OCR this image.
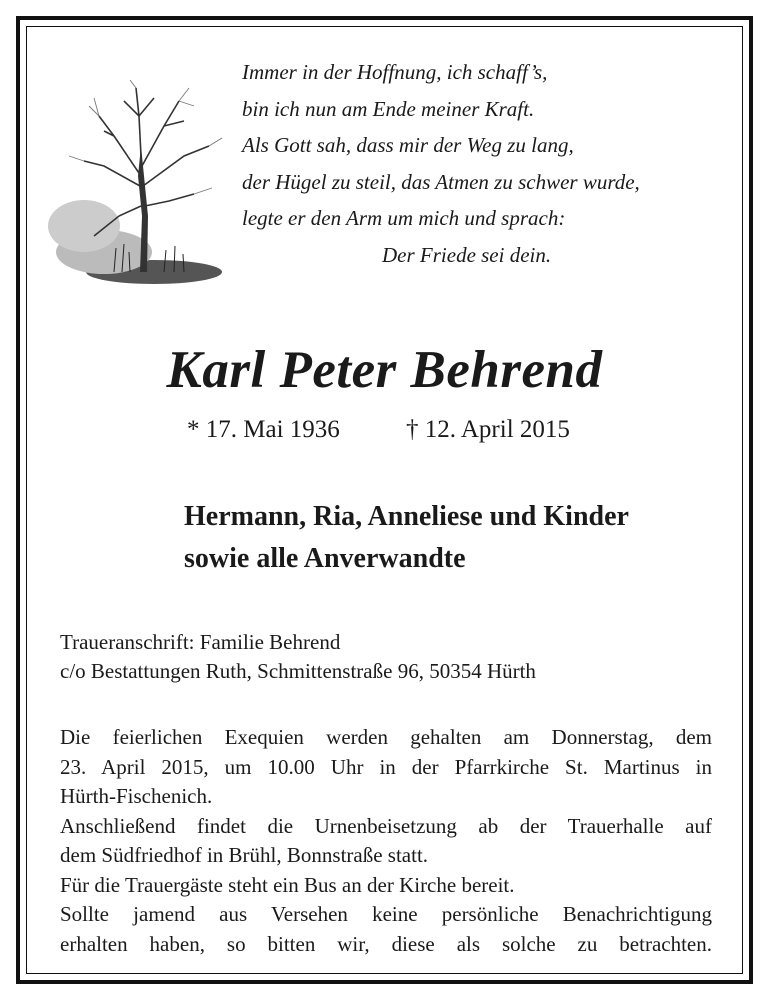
Immer in der Hoffnung, ich schaff’s,
bin ich nun am Ende meiner Kraft.
Als Gott sah, dass mir der Weg zu lang,
der Hügel zu steil, das Atmen zu schwer wurde,
legte er den Arm um mich und sprach:
Der Friede sei dein.
Karl Peter Behrend
* 17. Mai 1936	† 12. April 2015
Hermann, Ria, Anneliese und Kinder
sowie alle Anverwandte
Traueranschrift: Familie Behrend
c/o Bestattungen Ruth, Schmittenstraße 96, 50354 Hürth
Die feierlichen Exequien werden gehalten am Donnerstag, dem
23. April 2015, um 10.00 Uhr in der Pfarrkirche St. Martinus in
Hürth-Fischenich.
Anschließend findet die Urnenbeisetzung ab der Trauerhalle auf
dem Südfriedhof in Brühl, Bonnstraße statt.
Für die Trauergäste steht ein Bus an der Kirche bereit.
Sollte jamend aus Versehen keine persönliche Benachrichtigung
erhalten haben, so bitten wir, diese als solche zu betrachten.
